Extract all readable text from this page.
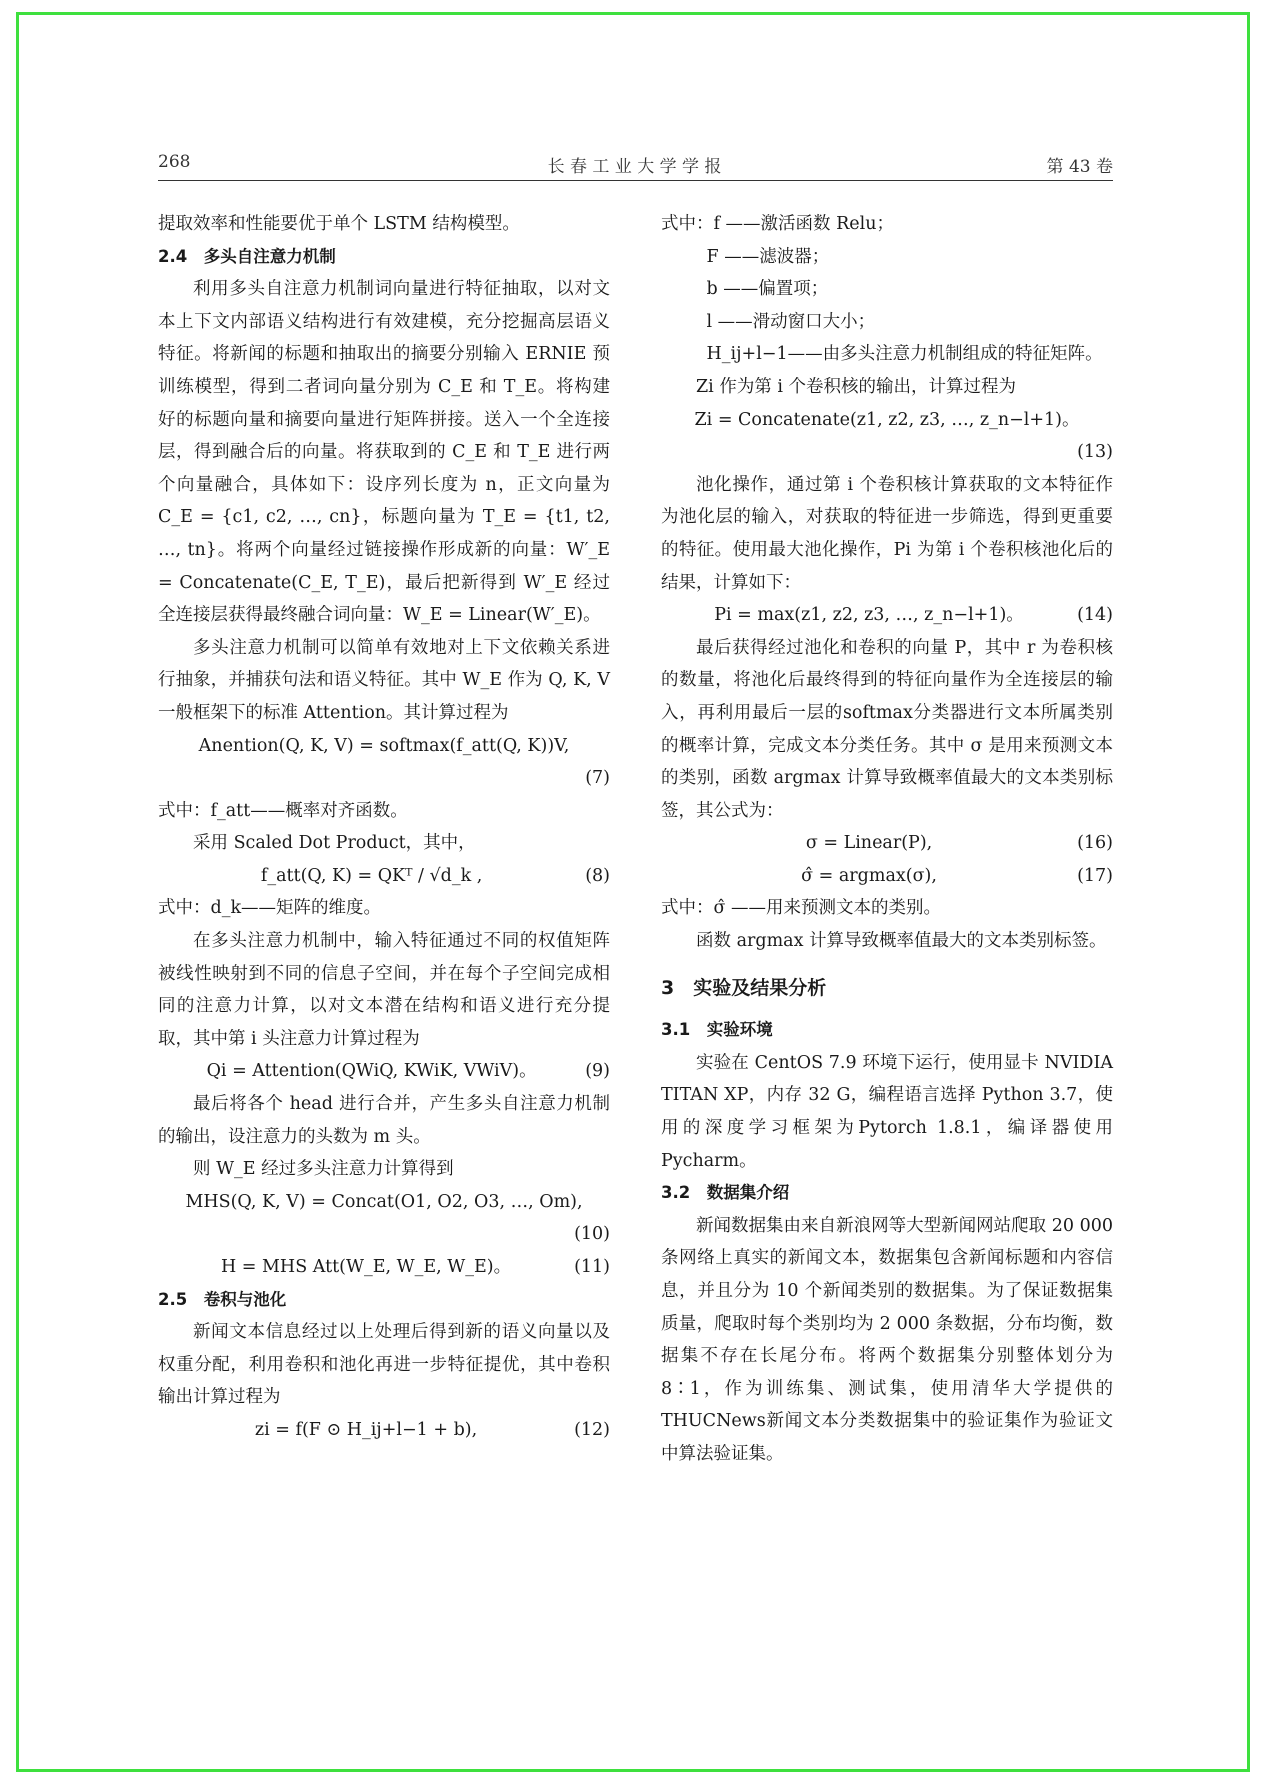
268	长 春 工 业 大 学 学 报	第 43 卷

提取效率和性能要优于单个 LSTM 结构模型。

2.4　多头自注意力机制

利用多头自注意力机制词向量进行特征抽取，以对文本上下文内部语义结构进行有效建模，充分挖掘高层语义特征。将新闻的标题和抽取出的摘要分别输入 ERNIE 预训练模型，得到二者词向量分别为 C_E 和 T_E。将构建好的标题向量和摘要向量进行矩阵拼接。送入一个全连接层，得到融合后的向量。将获取到的 C_E 和 T_E 进行两个向量融合，具体如下：设序列长度为 n，正文向量为 C_E = {c1, c2, …, cn}，标题向量为 T_E = {t1, t2, …, tn}。将两个向量经过链接操作形成新的向量：W′_E = Concatenate(C_E, T_E)，最后把新得到 W′_E 经过全连接层获得最终融合词向量：W_E = Linear(W′_E)。

多头注意力机制可以简单有效地对上下文依赖关系进行抽象，并捕获句法和语义特征。其中 W_E 作为 Q, K, V 一般框架下的标准 Attention。其计算过程为

Anention(Q, K, V) = softmax(f_att(Q, K))V,
(7)

式中：f_att——概率对齐函数。

采用 Scaled Dot Product，其中，

f_att(Q, K) = QKᵀ / √d_k ,	(8)

式中：d_k——矩阵的维度。

在多头注意力机制中，输入特征通过不同的权值矩阵被线性映射到不同的信息子空间，并在每个子空间完成相同的注意力计算，以对文本潜在结构和语义进行充分提取，其中第 i 头注意力计算过程为

Qi = Attention(QWiQ, KWiK, VWiV)。	(9)

最后将各个 head 进行合并，产生多头自注意力机制的输出，设注意力的头数为 m 头。

则 W_E 经过多头注意力计算得到

MHS(Q, K, V) = Concat(O1, O2, O3, …, Om),
(10)
H = MHS Att(W_E, W_E, W_E)。	(11)

2.5　卷积与池化

新闻文本信息经过以上处理后得到新的语义向量以及权重分配，利用卷积和池化再进一步特征提优，其中卷积输出计算过程为

zi = f(F ⊙ H_ij+l−1 + b),	(12)

式中：f ——激活函数 Relu；

F ——滤波器；

b ——偏置项；

l ——滑动窗口大小；

H_ij+l−1——由多头注意力机制组成的特征矩阵。

Zi 作为第 i 个卷积核的输出，计算过程为

Zi = Concatenate(z1, z2, z3, …, z_n−l+1)。
(13)

池化操作，通过第 i 个卷积核计算获取的文本特征作为池化层的输入，对获取的特征进一步筛选，得到更重要的特征。使用最大池化操作，Pi 为第 i 个卷积核池化后的结果，计算如下：

Pi = max(z1, z2, z3, …, z_n−l+1)。	(14)

最后获得经过池化和卷积的向量 P，其中 r 为卷积核的数量，将池化后最终得到的特征向量作为全连接层的输入，再利用最后一层的softmax分类器进行文本所属类别的概率计算，完成文本分类任务。其中 σ 是用来预测文本的类别，函数 argmax 计算导致概率值最大的文本类别标签，其公式为：

σ = Linear(P),	(16)
σ̂ = argmax(σ),	(17)

式中：σ̂ ——用来预测文本的类别。

函数 argmax 计算导致概率值最大的文本类别标签。

3　实验及结果分析

3.1　实验环境

实验在 CentOS 7.9 环境下运行，使用显卡 NVIDIA TITAN XP，内存 32 G，编程语言选择 Python 3.7，使用的深度学习框架为Pytorch 1.8.1，编译器使用 Pycharm。

3.2　数据集介绍

新闻数据集由来自新浪网等大型新闻网站爬取 20 000 条网络上真实的新闻文本，数据集包含新闻标题和内容信息，并且分为 10 个新闻类别的数据集。为了保证数据集质量，爬取时每个类别均为 2 000 条数据，分布均衡，数据集不存在长尾分布。将两个数据集分别整体划分为8∶1，作为训练集、测试集，使用清华大学提供的THUCNews新闻文本分类数据集中的验证集作为验证文中算法验证集。
